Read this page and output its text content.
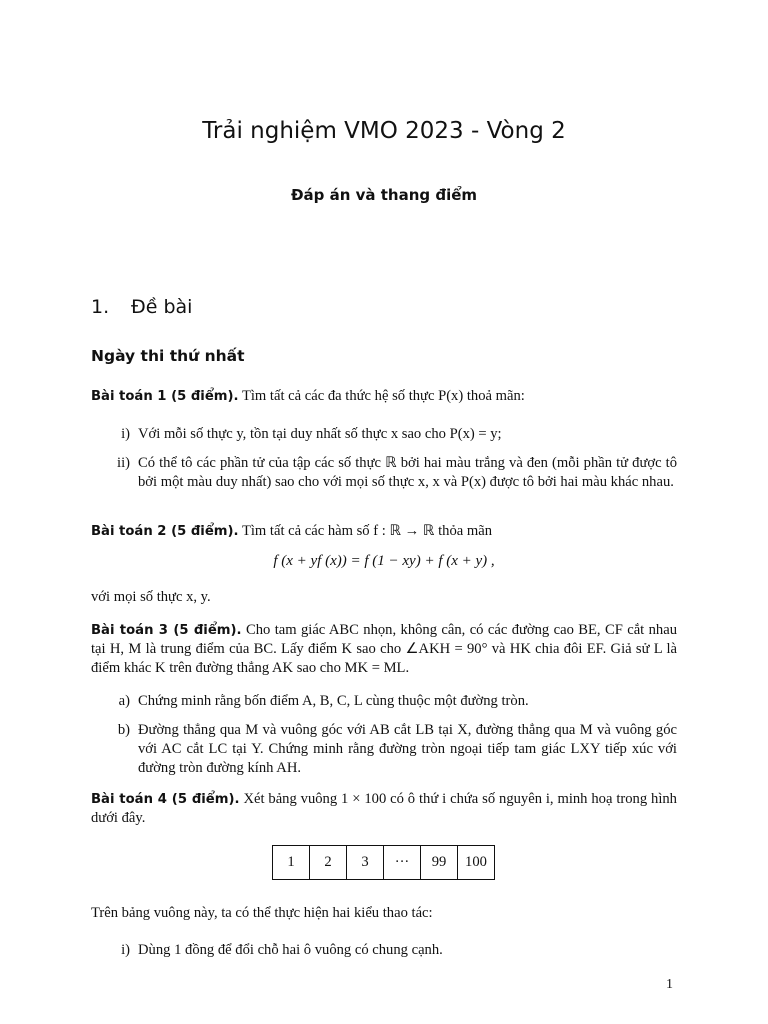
Trải nghiệm VMO 2023 - Vòng 2
Đáp án và thang điểm
1. Đề bài
Ngày thi thứ nhất
Bài toán 1 (5 điểm). Tìm tất cả các đa thức hệ số thực P(x) thoả mãn:
i) Với mỗi số thực y, tồn tại duy nhất số thực x sao cho P(x) = y;
ii) Có thể tô các phần tử của tập các số thực ℝ bởi hai màu trắng và đen (mỗi phần tử được tô bởi một màu duy nhất) sao cho với mọi số thực x, x và P(x) được tô bởi hai màu khác nhau.
Bài toán 2 (5 điểm). Tìm tất cả các hàm số f : ℝ → ℝ thỏa mãn
f (x + yf (x)) = f (1 − xy) + f (x + y) ,
với mọi số thực x, y.
Bài toán 3 (5 điểm). Cho tam giác ABC nhọn, không cân, có các đường cao BE, CF cắt nhau tại H, M là trung điểm của BC. Lấy điểm K sao cho ∠AKH = 90° và HK chia đôi EF. Giả sử L là điểm khác K trên đường thẳng AK sao cho MK = ML.
a) Chứng minh rằng bốn điểm A, B, C, L cùng thuộc một đường tròn.
b) Đường thẳng qua M và vuông góc với AB cắt LB tại X, đường thẳng qua M và vuông góc với AC cắt LC tại Y. Chứng minh rằng đường tròn ngoại tiếp tam giác LXY tiếp xúc với đường tròn đường kính AH.
Bài toán 4 (5 điểm). Xét bảng vuông 1 × 100 có ô thứ i chứa số nguyên i, minh hoạ trong hình dưới đây.
1	2	3	···	99	100
Trên bảng vuông này, ta có thể thực hiện hai kiểu thao tác:
i) Dùng 1 đồng để đổi chỗ hai ô vuông có chung cạnh.
1
